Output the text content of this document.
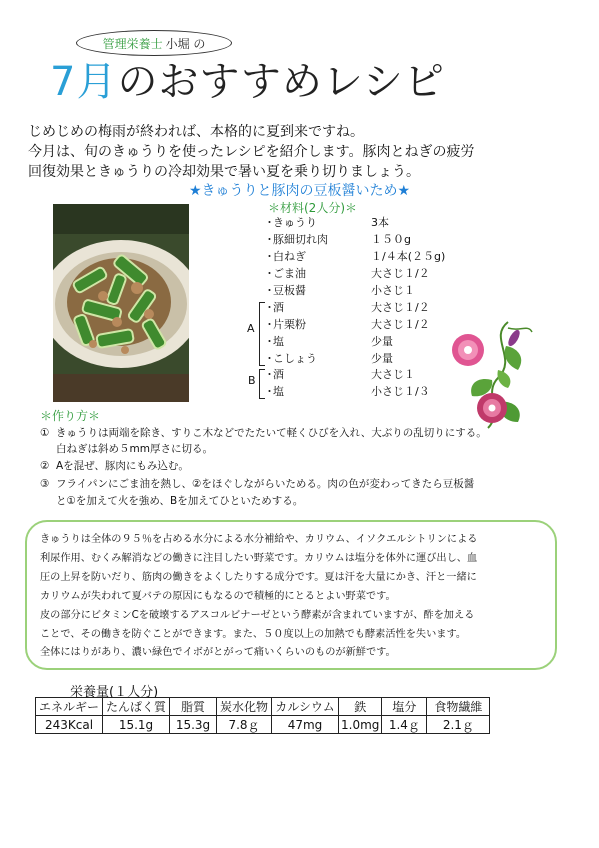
管理栄養士 小堀 の
7月のおすすめレシピ
じめじめの梅雨が終われば、本格的に夏到来ですね。
今月は、旬のきゅうりを使ったレシピを紹介します。豚肉とねぎの疲労
回復効果ときゅうりの冷却効果で暑い夏を乗り切りましょう。
★きゅうりと豚肉の豆板醤いため★
＊材料(2人分)＊
・
きゅうり	3本
・
豚細切れ肉	１５０g
・
白ねぎ	１/４本(２５g)
・
ごま油	大さじ１/２
・
豆板醤	小さじ１
A
・
酒	大さじ１/２
・
片栗粉	大さじ１/２
・
塩	少量
・
こしょう	少量
B ・
酒	大さじ１
・
塩	小さじ１/３
＊作り方＊
① きゅうりは両端を除き、すりこ木などでたたいて軽くひびを入れ、大ぶりの乱切りにする。
白ねぎは斜め５mm厚さに切る。
② Aを混ぜ、豚肉にもみ込む。
③ フライパンにごま油を熱し、②をほぐしながらいためる。肉の色が変わってきたら豆板醤
と①を加えて火を強め、Bを加えてひといためする。
きゅうりは全体の９５％を占める水分による水分補給や、カリウム、イソクエルシトリンによる
利尿作用、むくみ解消などの働きに注目したい野菜です。カリウムは塩分を体外に運び出し、血
圧の上昇を防いだり、筋肉の働きをよくしたりする成分です。夏は汗を大量にかき、汗と一緒に
カリウムが失われて夏バテの原因にもなるので積極的にとるとよい野菜です。
皮の部分にビタミンCを破壊するアスコルビナーゼという酵素が含まれていますが、酢を加える
ことで、その働きを防ぐことができます。また、５０度以上の加熱でも酵素活性を失います。
全体にはりがあり、濃い緑色でイボがとがって痛いくらいのものが新鮮です。
栄養量(１人分)
エネルギー	たんぱく質	脂質	炭水化物	カルシウム	鉄	塩分	食物繊維
243Kcal	15.1g	15.3g	7.8ｇ	47mg	1.0mg	1.4ｇ	2.1ｇ
